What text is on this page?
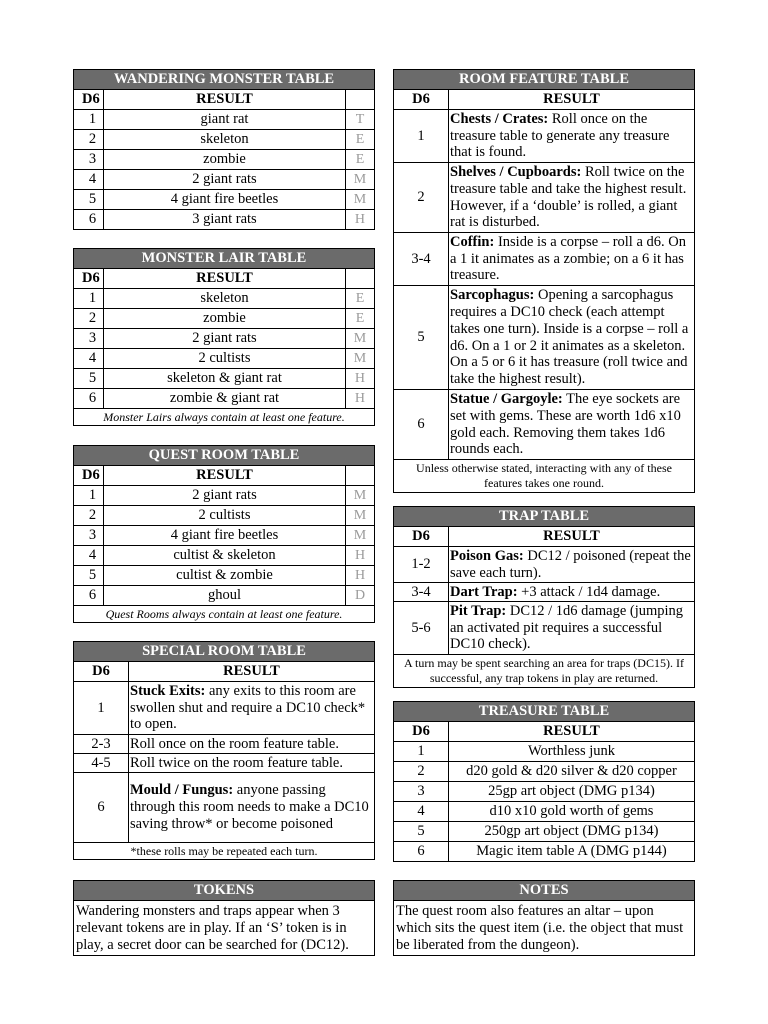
WANDERING MONSTER TABLE		
D6	RESULT	
1	giant rat	T
2	skeleton	E
3	zombie	E
4	2 giant rats	M
5	4 giant fire beetles	M
6	3 giant rats	H
MONSTER LAIR TABLE		
D6	RESULT	
1	skeleton	E
2	zombie	E
3	2 giant rats	M
4	2 cultists	M
5	skeleton & giant rat	H
6	zombie & giant rat	H
Monster Lairs always contain at least one feature.		
QUEST ROOM TABLE		
D6	RESULT	
1	2 giant rats	M
2	2 cultists	M
3	4 giant fire beetles	M
4	cultist & skeleton	H
5	cultist & zombie	H
6	ghoul	D
Quest Rooms always contain at least one feature.		
SPECIAL ROOM TABLE	
D6	RESULT
1	Stuck Exits: any exits to this room are swollen shut and require a DC10 check* to open.
2-3	Roll once on the room feature table.
4-5	Roll twice on the room feature table.
6	Mould / Fungus: anyone passing through this room needs to make a DC10 saving throw* or become poisoned
*these rolls may be repeated each turn.	
TOKENS
Wandering monsters and traps appear when 3 relevant tokens are in play. If an ‘S’ token is in play, a secret door can be searched for (DC12).
ROOM FEATURE TABLE	
D6	RESULT
1	Chests / Crates: Roll once on the treasure table to generate any treasure that is found.
2	Shelves / Cupboards: Roll twice on the treasure table and take the highest result. However, if a ‘double’ is rolled, a giant rat is disturbed.
3-4	Coffin: Inside is a corpse – roll a d6. On a 1 it animates as a zombie; on a 6 it has treasure.
5	Sarcophagus: Opening a sarcophagus requires a DC10 check (each attempt takes one turn). Inside is a corpse – roll a d6. On a 1 or 2 it animates as a skeleton. On a 5 or 6 it has treasure (roll twice and take the highest result).
6	Statue / Gargoyle: The eye sockets are set with gems. These are worth 1d6 x10 gold each. Removing them takes 1d6 rounds each.
Unless otherwise stated, interacting with any of these features takes one round.	
TRAP TABLE	
D6	RESULT
1-2	Poison Gas: DC12 / poisoned (repeat the save each turn).
3-4	Dart Trap: +3 attack / 1d4 damage.
5-6	Pit Trap: DC12 / 1d6 damage (jumping an activated pit requires a successful DC10 check).
A turn may be spent searching an area for traps (DC15). If successful, any trap tokens in play are returned.	
TREASURE TABLE	
D6	RESULT
1	Worthless junk
2	d20 gold & d20 silver & d20 copper
3	25gp art object (DMG p134)
4	d10 x10 gold worth of gems
5	250gp art object (DMG p134)
6	Magic item table A (DMG p144)
NOTES
The quest room also features an altar – upon which sits the quest item (i.e. the object that must be liberated from the dungeon).
